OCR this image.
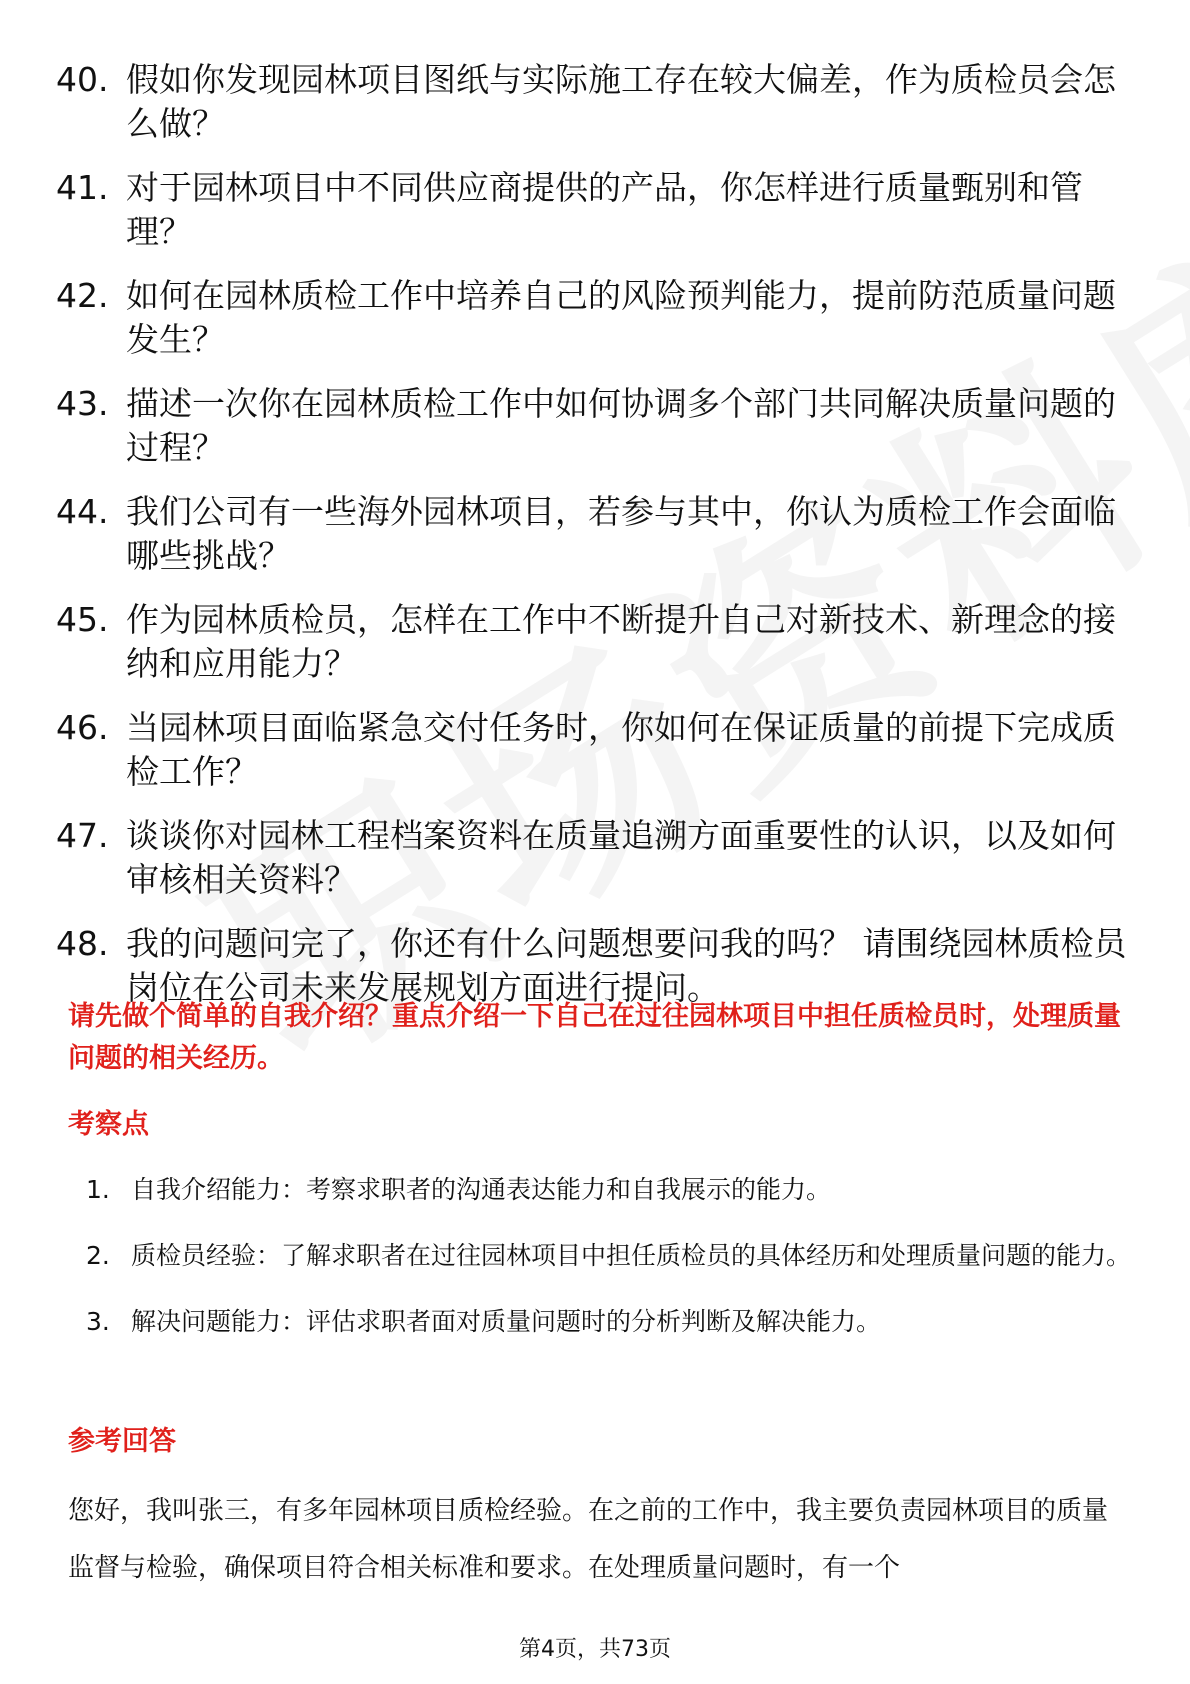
40. 假如你发现园林项目图纸与实际施工存在较大偏差，作为质检员会怎么做？
41. 对于园林项目中不同供应商提供的产品，你怎样进行质量甄别和管理？
42. 如何在园林质检工作中培养自己的风险预判能力，提前防范质量问题发生？
43. 描述一次你在园林质检工作中如何协调多个部门共同解决质量问题的过程？
44. 我们公司有一些海外园林项目，若参与其中，你认为质检工作会面临哪些挑战？
45. 作为园林质检员，怎样在工作中不断提升自己对新技术、新理念的接纳和应用能力？
46. 当园林项目面临紧急交付任务时，你如何在保证质量的前提下完成质检工作？
47. 谈谈你对园林工程档案资料在质量追溯方面重要性的认识，以及如何审核相关资料？
48. 我的问题问完了，你还有什么问题想要问我的吗？ 请围绕园林质检员岗位在公司未来发展规划方面进行提问。
请先做个简单的自我介绍？重点介绍一下自己在过往园林项目中担任质检员时，处理质量问题的相关经历。
考察点
1. 自我介绍能力：考察求职者的沟通表达能力和自我展示的能力。
2. 质检员经验：了解求职者在过往园林项目中担任质检员的具体经历和处理质量问题的能力。
3. 解决问题能力：评估求职者面对质量问题时的分析判断及解决能力。
参考回答
您好，我叫张三，有多年园林项目质检经验。在之前的工作中，我主要负责园林项目的质量监督与检验，确保项目符合相关标准和要求。在处理质量问题时，有一个
第4页，共73页
